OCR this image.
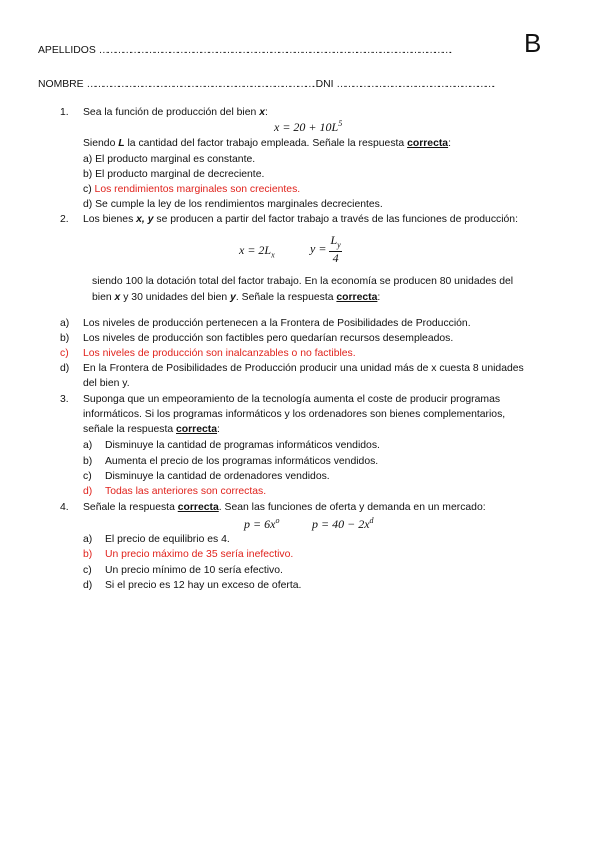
APELLIDOS ……………………………………………………………………………………………………………………….	B
NOMBRE ……………………………………………………………………………. DNI …………………………………………………….
1. Sea la función de producción del bien x:
$x = 20 + 10L^5$
Siendo L la cantidad del factor trabajo empleada. Señale la respuesta correcta:
a) El producto marginal es constante.
b) El producto marginal de decreciente.
c) Los rendimientos marginales son crecientes.
d) Se cumple la ley de los rendimientos marginales decrecientes.
2. Los bienes x, y se producen a partir del factor trabajo a través de las funciones de producción:
$x = 2L_x$	$y = \frac{L_y}{4}$
siendo 100 la dotación total del factor trabajo. En la economía se producen 80 unidades del
bien x y 30 unidades del bien y. Señale la respuesta correcta:
a) Los niveles de producción pertenecen a la Frontera de Posibilidades de Producción.
b) Los niveles de producción son factibles pero quedarían recursos desempleados.
c) Los niveles de producción son inalcanzables o no factibles.
d) En la Frontera de Posibilidades de Producción producir una unidad más de x cuesta 8 unidades
del bien y.
3. Suponga que un empeoramiento de la tecnología aumenta el coste de producir programas
informáticos. Si los programas informáticos y los ordenadores son bienes complementarios,
señale la respuesta correcta:
a) Disminuye la cantidad de programas informáticos vendidos.
b) Aumenta el precio de los programas informáticos vendidos.
c) Disminuye la cantidad de ordenadores vendidos.
d) Todas las anteriores son correctas.
4. Señale la respuesta correcta. Sean las funciones de oferta y demanda en un mercado:
$p = 6x^o$	$p = 40 - 2x^d$
a) El precio de equilibrio es 4.
b) Un precio máximo de 35 sería inefectivo.
c) Un precio mínimo de 10 sería efectivo.
d) Si el precio es 12 hay un exceso de oferta.
